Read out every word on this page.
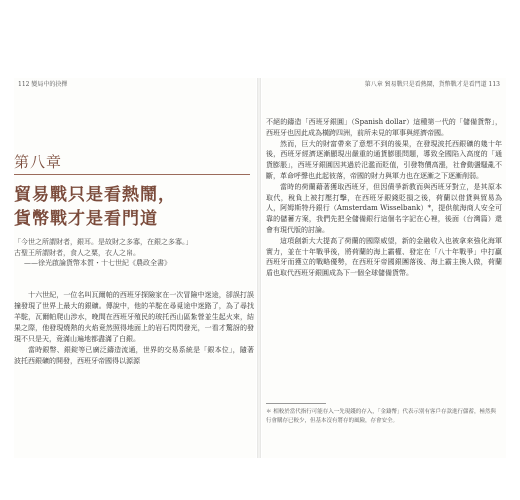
112 變局中的抉擇	第八章 貿易戰只是看熱鬧，貨幣戰才是看門道 113
第八章
貿易戰只是看熱鬧，
貨幣戰才是看門道
「今世之所謂財者，銀耳。是故財之多寡，在銀之多寡。」
古聖王所謂財者，食人之粟，衣人之帛。
——徐光啟論貨幣本質・十七世紀《農政全書》

十六世紀，一位名叫瓦爾帕的西班牙探險家在一次冒險中迷途，卻誤打誤撞發現了世界上最大的銀礦。傳說中，他的羊駝在尋覓途中迷路了，為了尋找羊駝，瓦爾帕爬山涉水，晚間在西班牙殖民的玻托西山區紮營並生起火來，結果之際，他發現燒熱的火焰竟然照得地面上的岩石閃閃發光，一看才驚訝的發現不只是天，竟滿山遍地都盡滿了白銀。

當時銀幣、銀錠等已廣泛鑄造流通，世界的交易系統是「銀本位」，隨著波托西銀礦的開發，西班牙帝國得以源源

不絕的鑄造「西班牙銀圓」（Spanish dollar）這種第一代的「儲備貨幣」，西班牙也因此成為橫跨四洲，前所未見的軍事與經濟帝國。

然而，巨大的財富帶來了意想不到的後果，在發現波托西銀礦的幾十年後，西班牙經濟逐漸顯現出嚴重的通貨膨脹問題，導致全國陷入高度的「通貨膨脹」，西班牙銀圓因其過於氾濫而貶值，引發物價高漲，社會動盪騷亂不斷，革命呼聲也此起彼落，帝國的財力與軍力也在逐漸之下逐漸削弱。

當時的荷蘭藉著獲取西班牙，但因債爭新教而與西班牙對立，是其原本取代，稅負上被打壓打擊，在西班牙銀錢貶損之後，荷蘭以借貸與貿易為人，阿姆斯特丹銀行（Amsterdam Wisselbank）*，提供航海商人安全可靠的儲蓄方案，我們先把全儲備銀行這個名字記在心裡，後面（台灣篇）還會有現代版的討論。

這項創新大大提高了荷蘭的國際威望，新的金融收入也被拿來強化海軍實力，並在十年戰爭後，將荷蘭的海上霸權、發定在「八十年戰爭」中打贏西班牙而獲立的戰略優勢，在西班牙帝國銀團落後、海上霸主換人做，荷蘭盾也取代西班牙銀圓成為下一個全球儲備貨幣。

＊ 相較於當代指行可能存入一先現錢的存入，「金鑄幣」代表示別有客戶存款進行儲蓄，極然與行會購存已較少，但基本沒有將存的風險，存會安全。
